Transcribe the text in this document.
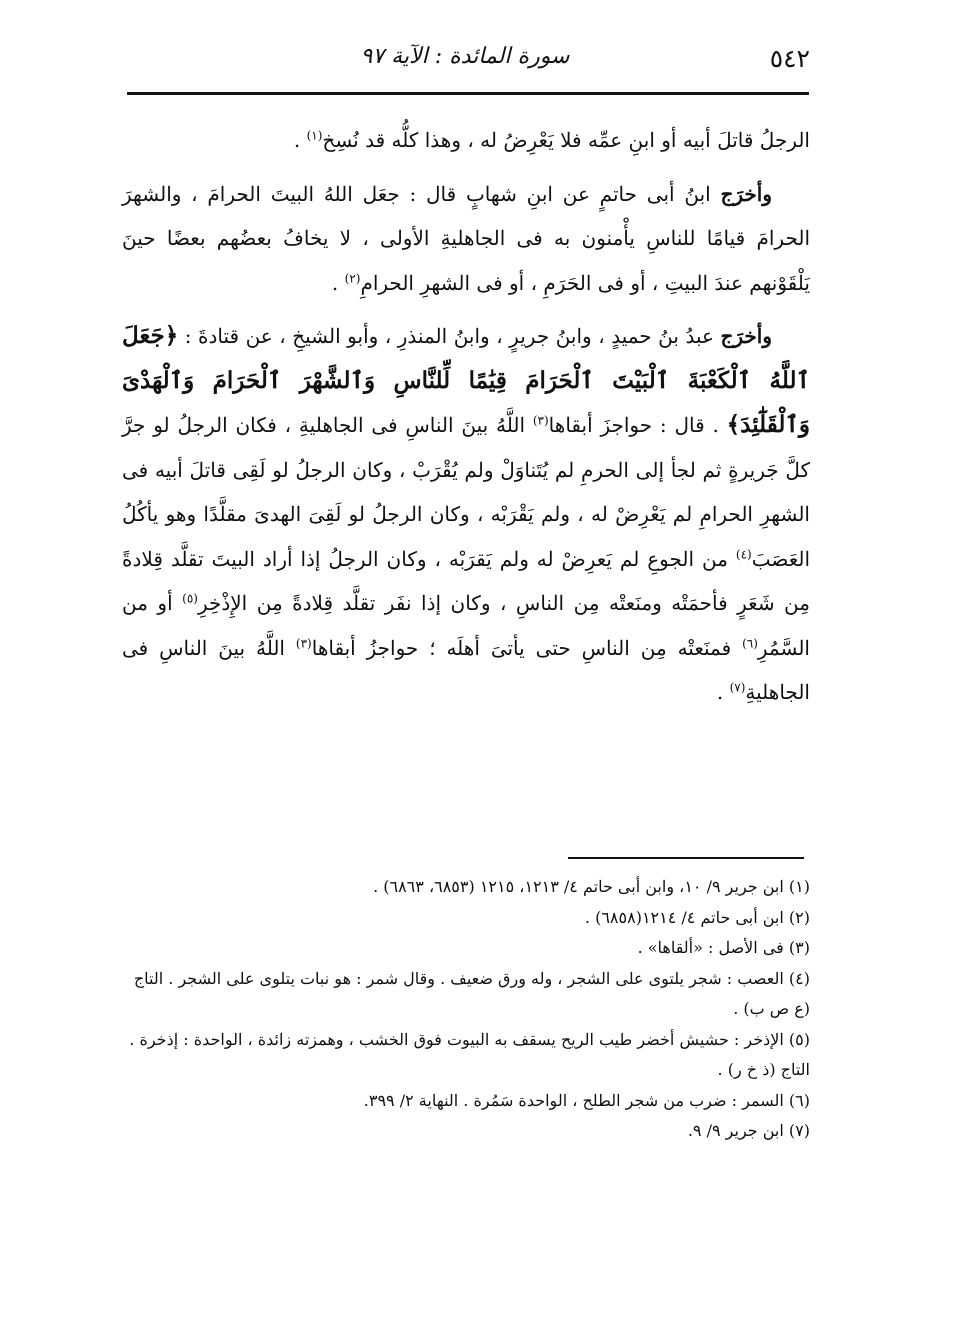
٥٤٢
سورة المائدة : الآية ٩٧

الرجلُ قاتلَ أبيه أو ابنِ عمِّه فلا يَعْرِضُ له ، وهذا كلُّه قد نُسِخ$^{(١)}$ .

وأخرَج ابنُ أبى حاتمٍ عن ابنِ شهابٍ قال : جعَل اللهُ البيتَ الحرامَ ، والشهرَ الحرامَ قيامًا للناسِ يأْمنون به فى الجاهليةِ الأولى ، لا يخافُ بعضُهم بعضًا حينَ يَلْقَوْنهم عندَ البيتِ ، أو فى الحَرَمِ ، أو فى الشهرِ الحرامِ$^{(٢)}$ .

وأخرَج عبدُ بنُ حميدٍ ، وابنُ جريرٍ ، وابنُ المنذرِ ، وأبو الشيخِ ، عن قتادةَ : ﴿جَعَلَ ٱللَّهُ ٱلْكَعْبَةَ ٱلْبَيْتَ ٱلْحَرَامَ قِيَٰمًا لِّلنَّاسِ وَٱلشَّهْرَ ٱلْحَرَامَ وَٱلْهَدْىَ وَٱلْقَلَٰٓئِدَ﴾ . قال : حواجزَ أبقاها$^{(٣)}$ اللَّهُ بينَ الناسِ فى الجاهليةِ ، فكان الرجلُ لو جرَّ كلَّ جَريرةٍ ثم لجأ إلى الحرمِ لم يُتَناوَلْ ولم يُقْرَبْ ، وكان الرجلُ لو لَقِى قاتلَ أبيه فى الشهرِ الحرامِ لم يَعْرِضْ له ، ولم يَقْرَبْه ، وكان الرجلُ لو لَقِىَ الهدىَ مقلَّدًا وهو يأكُلُ العَصَبَ$^{(٤)}$ من الجوعِ لم يَعرِضْ له ولم يَقرَبْه ، وكان الرجلُ إذا أراد البيتَ تقلَّد قِلادةً مِن شَعَرٍ فأحمَتْه ومنَعتْه مِن الناسِ ، وكان إذا نفَر تقلَّد قِلادةً مِن الإِذْخِرِ$^{(٥)}$ أو من السَّمُرِ$^{(٦)}$ فمنَعتْه مِن الناسِ حتى يأتىَ أهلَه ؛ حواجزُ أبقاها$^{(٣)}$ اللَّهُ بينَ الناسِ فى الجاهليةِ$^{(٧)}$ .

(١) ابن جرير ٩/ ١٠، وابن أبى حاتم ٤/ ١٢١٣، ١٢١٥ (٦٨٥٣، ٦٨٦٣) .

(٢) ابن أبى حاتم ٤/ ١٢١٤(٦٨٥٨) .

(٣) فى الأصل : «ألقاها» .

(٤) العصب : شجر يلتوى على الشجر ، وله ورق ضعيف . وقال شمر : هو نبات يتلوى على الشجر . التاج (ع ص ب) .

(٥) الإذخر : حشيش أخضر طيب الريح يسقف به البيوت فوق الخشب ، وهمزته زائدة ، الواحدة : إذخرة . التاج (ذ خ ر) .

(٦) السمر : ضرب من شجر الطلح ، الواحدة سَمُرة . النهاية ٢/ ٣٩٩.

(٧) ابن جرير ٩/ ٩.
